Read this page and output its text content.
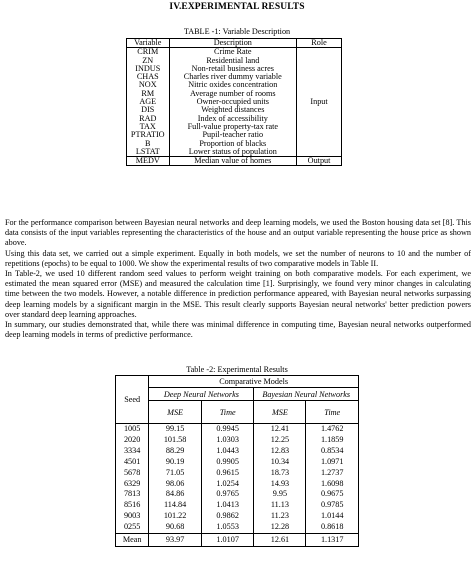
IV.EXPERIMENTAL RESULTS
TABLE -1: Variable Description
Variable	Description	Role
CRIM	Crime Rate	Input
ZN	Residential land	
INDUS	Non-retail business acres	
CHAS	Charles river dummy variable	
NOX	Nitric oxides concentration	
RM	Average number of rooms	
AGE	Owner-occupied units	
DIS	Weighted distances	
RAD	Index of accessibility	
TAX	Full-value property-tax rate	
PTRATIO	Pupil-teacher ratio	
B	Proportion of blacks	
LSTAT	Lower status of population	
MEDV	Median value of homes	Output

For the performance comparison between Bayesian neural networks and deep learning models, we used the Boston housing data set [8]. This data consists of the input variables representing the characteristics of the house and an output variable representing the house price as shown above.

Using this data set, we carried out a simple experiment. Equally in both models, we set the number of neurons to 10 and the number of repetitions (epochs) to be equal to 1000. We show the experimental results of two comparative models in Table II.

In Table-2, we used 10 different random seed values to perform weight training on both comparative models. For each experiment, we estimated the mean squared error (MSE) and measured the calculation time [1]. Surprisingly, we found very minor changes in calculating time between the two models. However, a notable difference in prediction performance appeared, with Bayesian neural networks surpassing deep learning models by a significant margin in the MSE. This result clearly supports Bayesian neural networks' better prediction powers over standard deep learning approaches.

In summary, our studies demonstrated that, while there was minimal difference in computing time, Bayesian neural networks outperformed deep learning models in terms of predictive performance.

Table -2: Experimental Results
Seed	Comparative Models			
	Deep Neural Networks		Bayesian Neural Networks	
	MSE	Time	MSE	Time
1005	99.15	0.9945	12.41	1.4762
2020	101.58	1.0303	12.25	1.1859
3334	88.29	1.0443	12.83	0.8534
4501	90.19	0.9905	10.34	1.0971
5678	71.05	0.9615	18.73	1.2737
6329	98.06	1.0254	14.93	1.6098
7813	84.86	0.9765	9.95	0.9675
8516	114.84	1.0413	11.13	0.9785
9003	101.22	0.9862	11.23	1.0144
0255	90.68	1.0553	12.28	0.8618
Mean	93.97	1.0107	12.61	1.1317
